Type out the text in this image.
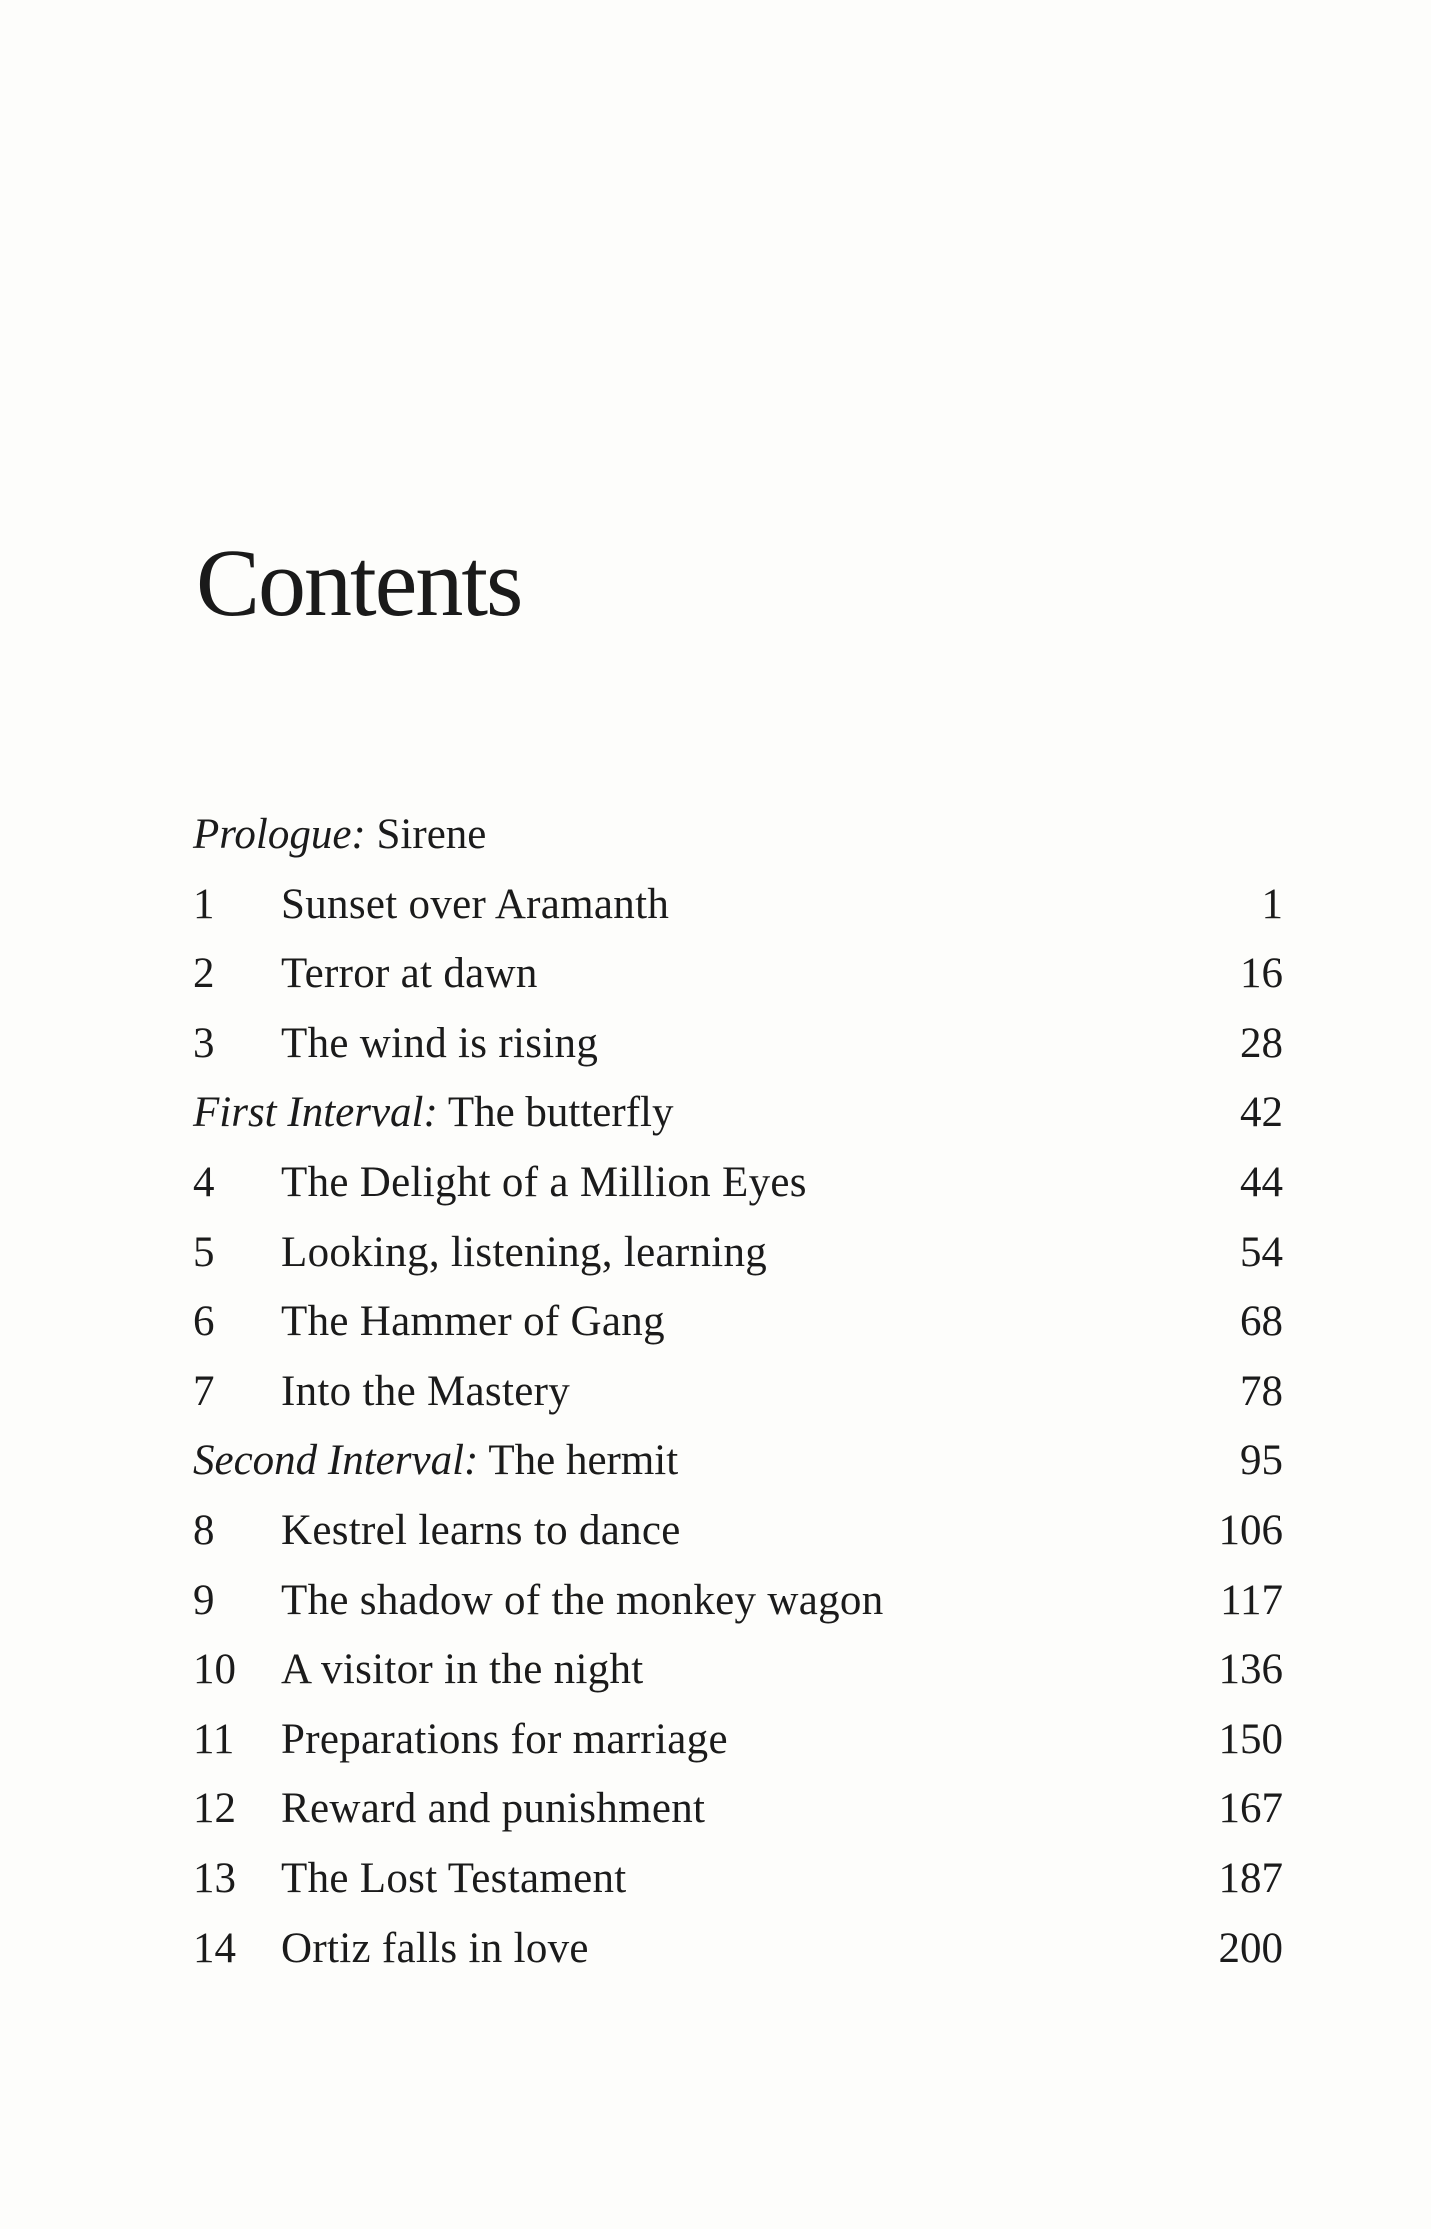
Contents
Prologue: Sirene
1 Sunset over Aramanth	1
2 Terror at dawn	16
3 The wind is rising	28
First Interval: The butterfly	42
4 The Delight of a Million Eyes	44
5 Looking, listening, learning	54
6 The Hammer of Gang	68
7 Into the Mastery	78
Second Interval: The hermit	95
8 Kestrel learns to dance	106
9 The shadow of the monkey wagon	117
10 A visitor in the night	136
11 Preparations for marriage	150
12 Reward and punishment	167
13 The Lost Testament	187
14 Ortiz falls in love	200
